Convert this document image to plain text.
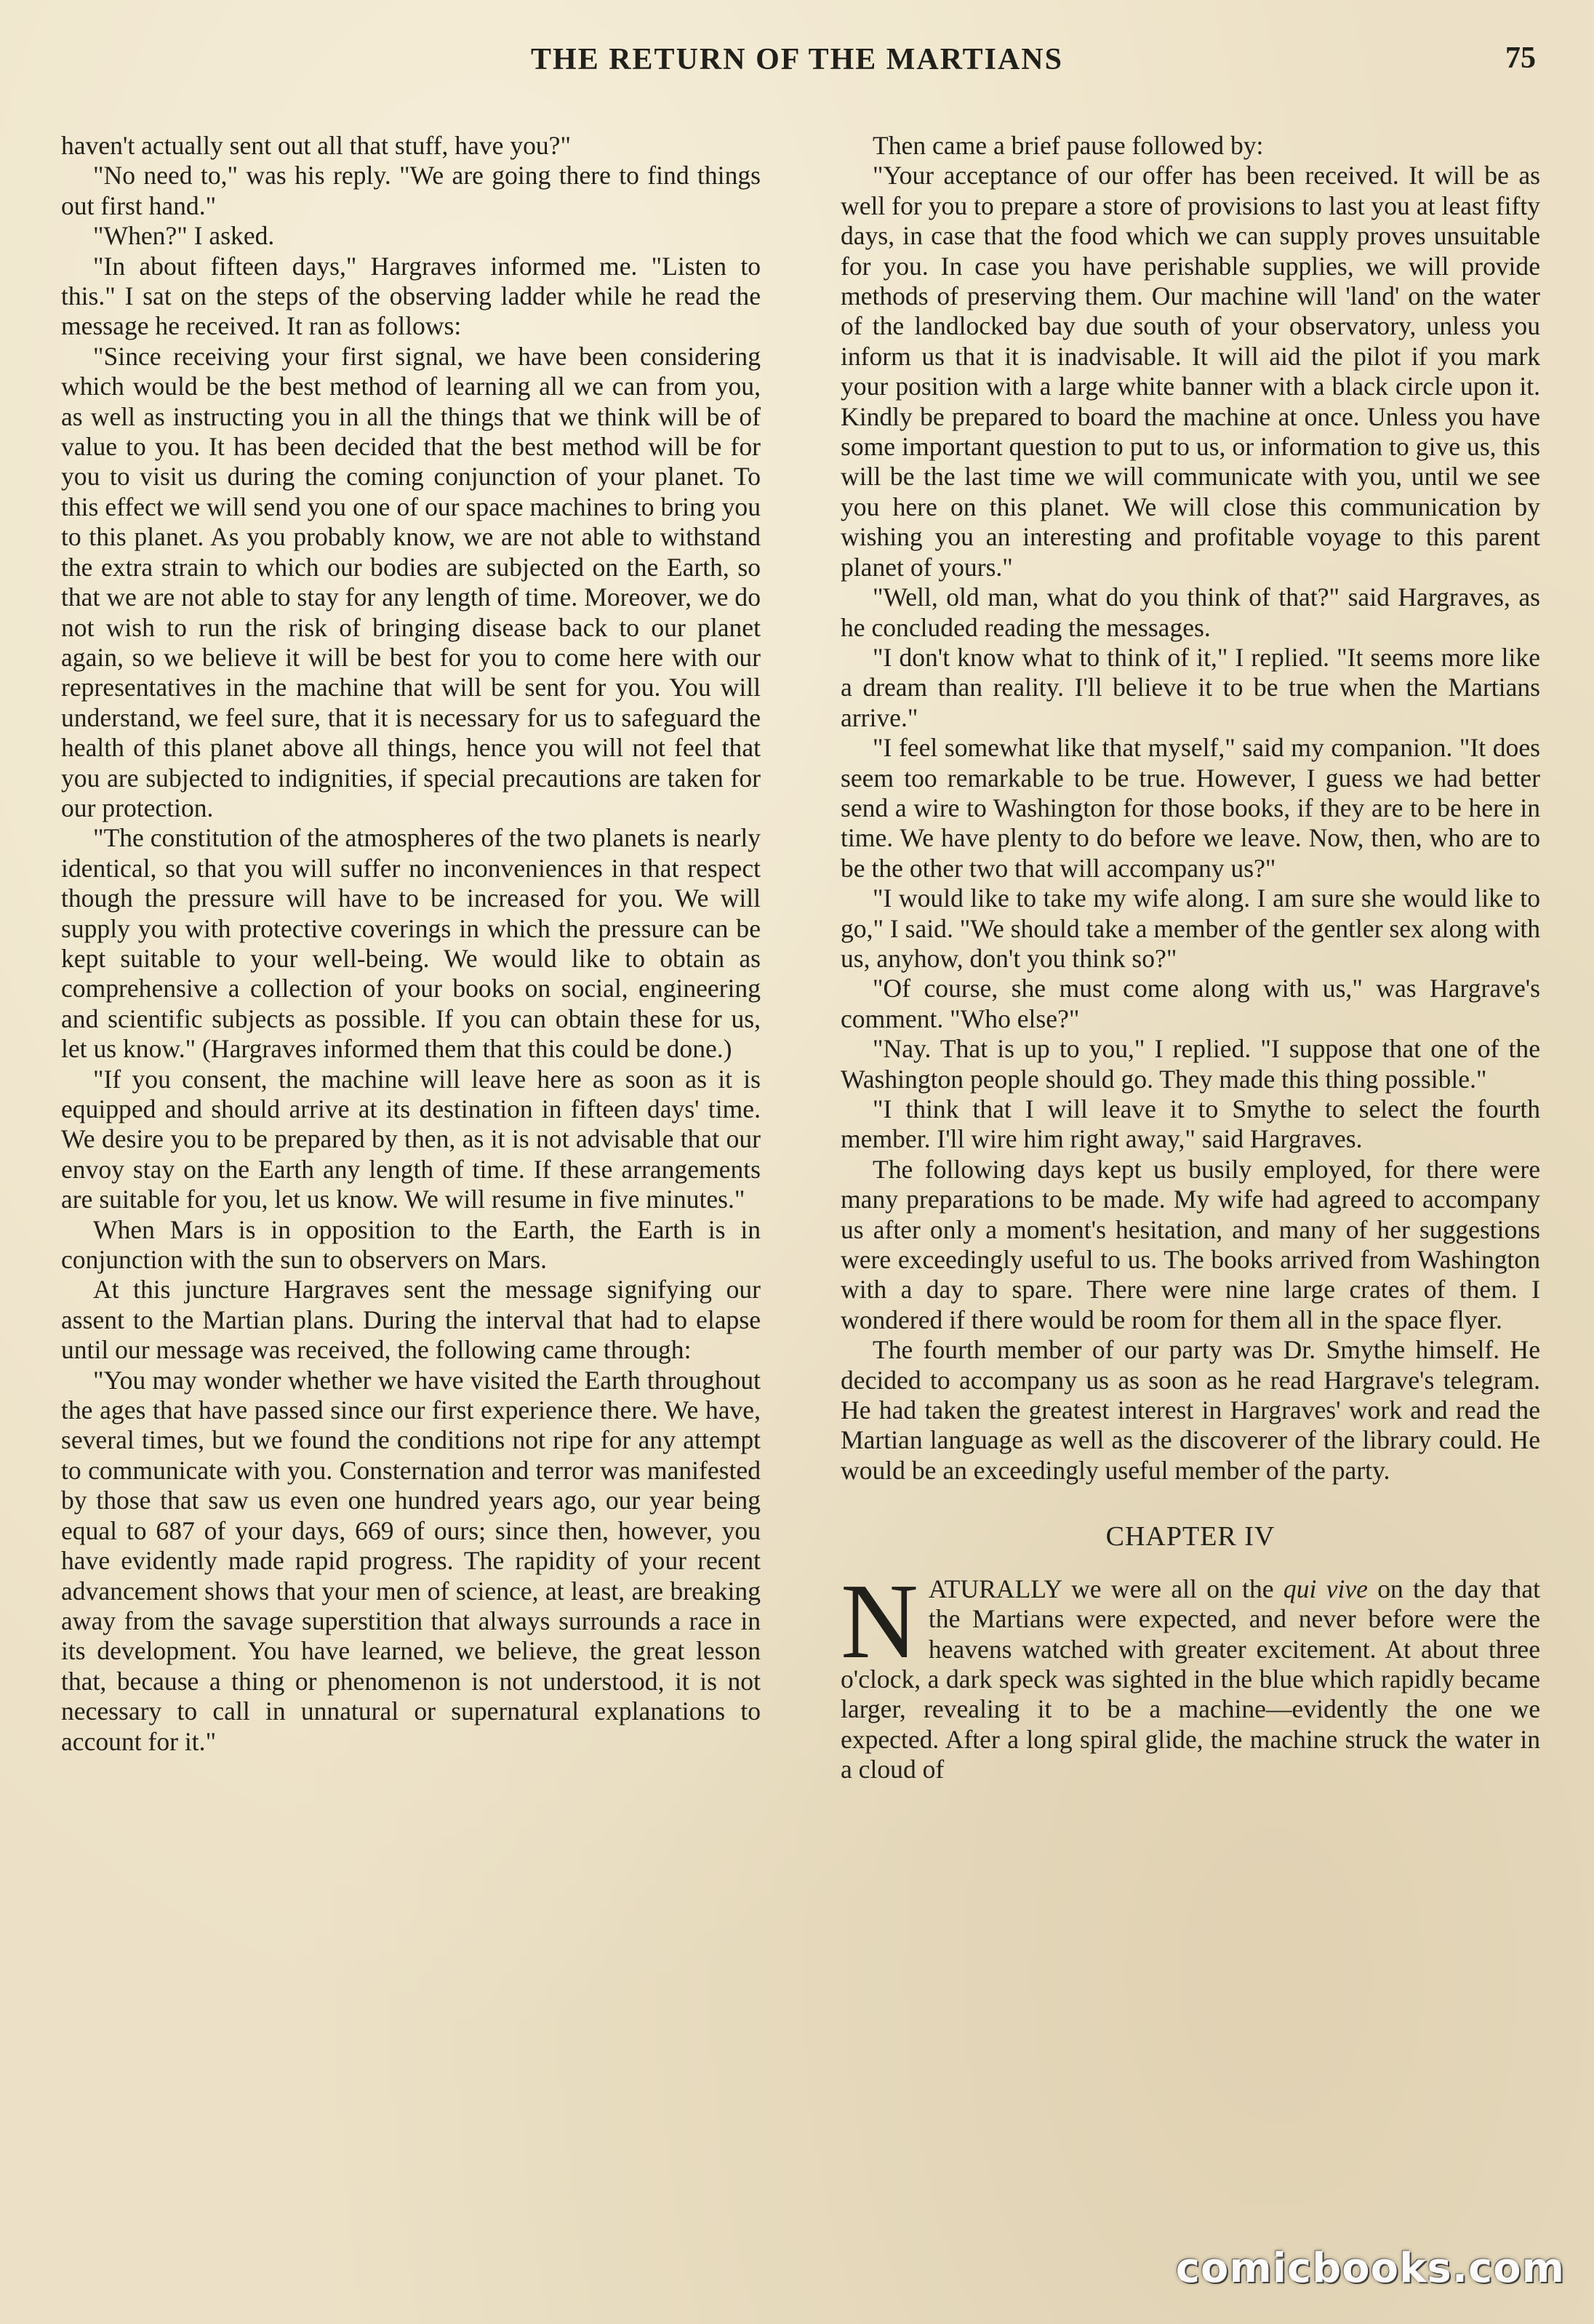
THE RETURN OF THE MARTIANS	75

haven't actually sent out all that stuff, have you?"

"No need to," was his reply. "We are going there to find things out first hand."

"When?" I asked.

"In about fifteen days," Hargraves informed me. "Listen to this." I sat on the steps of the observing ladder while he read the message he received. It ran as follows:

"Since receiving your first signal, we have been considering which would be the best method of learning all we can from you, as well as instructing you in all the things that we think will be of value to you. It has been decided that the best method will be for you to visit us during the coming conjunction of your planet. To this effect we will send you one of our space machines to bring you to this planet. As you probably know, we are not able to withstand the extra strain to which our bodies are subjected on the Earth, so that we are not able to stay for any length of time. Moreover, we do not wish to run the risk of bringing disease back to our planet again, so we believe it will be best for you to come here with our representatives in the machine that will be sent for you. You will understand, we feel sure, that it is necessary for us to safeguard the health of this planet above all things, hence you will not feel that you are subjected to indignities, if special precautions are taken for our protection.

"The constitution of the atmospheres of the two planets is nearly identical, so that you will suffer no inconveniences in that respect though the pressure will have to be increased for you. We will supply you with protective coverings in which the pressure can be kept suitable to your well-being. We would like to obtain as comprehensive a collection of your books on social, engineering and scientific subjects as possible. If you can obtain these for us, let us know." (Hargraves informed them that this could be done.)

"If you consent, the machine will leave here as soon as it is equipped and should arrive at its destination in fifteen days' time. We desire you to be prepared by then, as it is not advisable that our envoy stay on the Earth any length of time. If these arrangements are suitable for you, let us know. We will resume in five minutes."

When Mars is in opposition to the Earth, the Earth is in conjunction with the sun to observers on Mars.

At this juncture Hargraves sent the message signifying our assent to the Martian plans. During the interval that had to elapse until our message was received, the following came through:

"You may wonder whether we have visited the Earth throughout the ages that have passed since our first experience there. We have, several times, but we found the conditions not ripe for any attempt to communicate with you. Consternation and terror was manifested by those that saw us even one hundred years ago, our year being equal to 687 of your days, 669 of ours; since then, however, you have evidently made rapid progress. The rapidity of your recent advancement shows that your men of science, at least, are breaking away from the savage superstition that always surrounds a race in its development. You have learned, we believe, the great lesson that, because a thing or phenomenon is not understood, it is not necessary to call in unnatural or supernatural explanations to account for it."

Then came a brief pause followed by:

"Your acceptance of our offer has been received. It will be as well for you to prepare a store of provisions to last you at least fifty days, in case that the food which we can supply proves unsuitable for you. In case you have perishable supplies, we will provide methods of preserving them. Our machine will 'land' on the water of the landlocked bay due south of your observatory, unless you inform us that it is inadvisable. It will aid the pilot if you mark your position with a large white banner with a black circle upon it. Kindly be prepared to board the machine at once. Unless you have some important question to put to us, or information to give us, this will be the last time we will communicate with you, until we see you here on this planet. We will close this communication by wishing you an interesting and profitable voyage to this parent planet of yours."

"Well, old man, what do you think of that?" said Hargraves, as he concluded reading the messages.

"I don't know what to think of it," I replied. "It seems more like a dream than reality. I'll believe it to be true when the Martians arrive."

"I feel somewhat like that myself," said my companion. "It does seem too remarkable to be true. However, I guess we had better send a wire to Washington for those books, if they are to be here in time. We have plenty to do before we leave. Now, then, who are to be the other two that will accompany us?"

"I would like to take my wife along. I am sure she would like to go," I said. "We should take a member of the gentler sex along with us, anyhow, don't you think so?"

"Of course, she must come along with us," was Hargrave's comment. "Who else?"

"Nay. That is up to you," I replied. "I suppose that one of the Washington people should go. They made this thing possible."

"I think that I will leave it to Smythe to select the fourth member. I'll wire him right away," said Hargraves.

The following days kept us busily employed, for there were many preparations to be made. My wife had agreed to accompany us after only a moment's hesitation, and many of her suggestions were exceedingly useful to us. The books arrived from Washington with a day to spare. There were nine large crates of them. I wondered if there would be room for them all in the space flyer.

The fourth member of our party was Dr. Smythe himself. He decided to accompany us as soon as he read Hargrave's telegram. He had taken the greatest interest in Hargraves' work and read the Martian language as well as the discoverer of the library could. He would be an exceedingly useful member of the party.

CHAPTER IV

NATURALLY we were all on the qui vive on the day that the Martians were expected, and never before were the heavens watched with greater excitement. At about three o'clock, a dark speck was sighted in the blue which rapidly became larger, revealing it to be a machine—evidently the one we expected. After a long spiral glide, the machine struck the water in a cloud of

comicbooks.com
